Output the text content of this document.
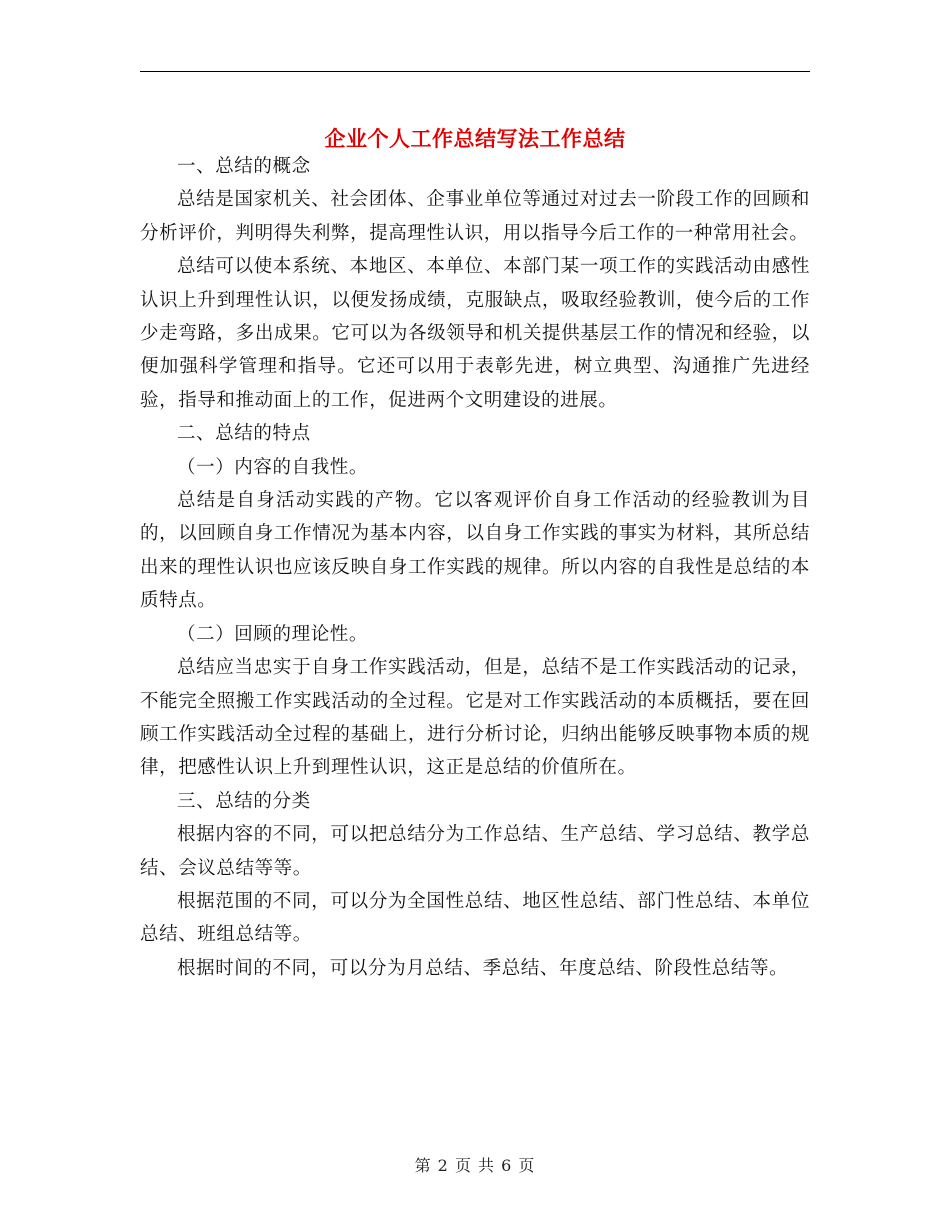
企业个人工作总结写法工作总结

一、总结的概念

总结是国家机关、社会团体、企事业单位等通过对过去一阶段工作的回顾和分析评价，判明得失利弊，提高理性认识，用以指导今后工作的一种常用社会。

总结可以使本系统、本地区、本单位、本部门某一项工作的实践活动由感性认识上升到理性认识，以便发扬成绩，克服缺点，吸取经验教训，使今后的工作少走弯路，多出成果。它可以为各级领导和机关提供基层工作的情况和经验，以便加强科学管理和指导。它还可以用于表彰先进，树立典型、沟通推广先进经验，指导和推动面上的工作，促进两个文明建设的进展。

二、总结的特点

（一）内容的自我性。

总结是自身活动实践的产物。它以客观评价自身工作活动的经验教训为目的，以回顾自身工作情况为基本内容，以自身工作实践的事实为材料，其所总结出来的理性认识也应该反映自身工作实践的规律。所以内容的自我性是总结的本质特点。

（二）回顾的理论性。

总结应当忠实于自身工作实践活动，但是，总结不是工作实践活动的记录，不能完全照搬工作实践活动的全过程。它是对工作实践活动的本质概括，要在回顾工作实践活动全过程的基础上，进行分析讨论，归纳出能够反映事物本质的规律，把感性认识上升到理性认识，这正是总结的价值所在。

三、总结的分类

根据内容的不同，可以把总结分为工作总结、生产总结、学习总结、教学总结、会议总结等等。

根据范围的不同，可以分为全国性总结、地区性总结、部门性总结、本单位总结、班组总结等。

根据时间的不同，可以分为月总结、季总结、年度总结、阶段性总结等。

第 2 页 共 6 页
